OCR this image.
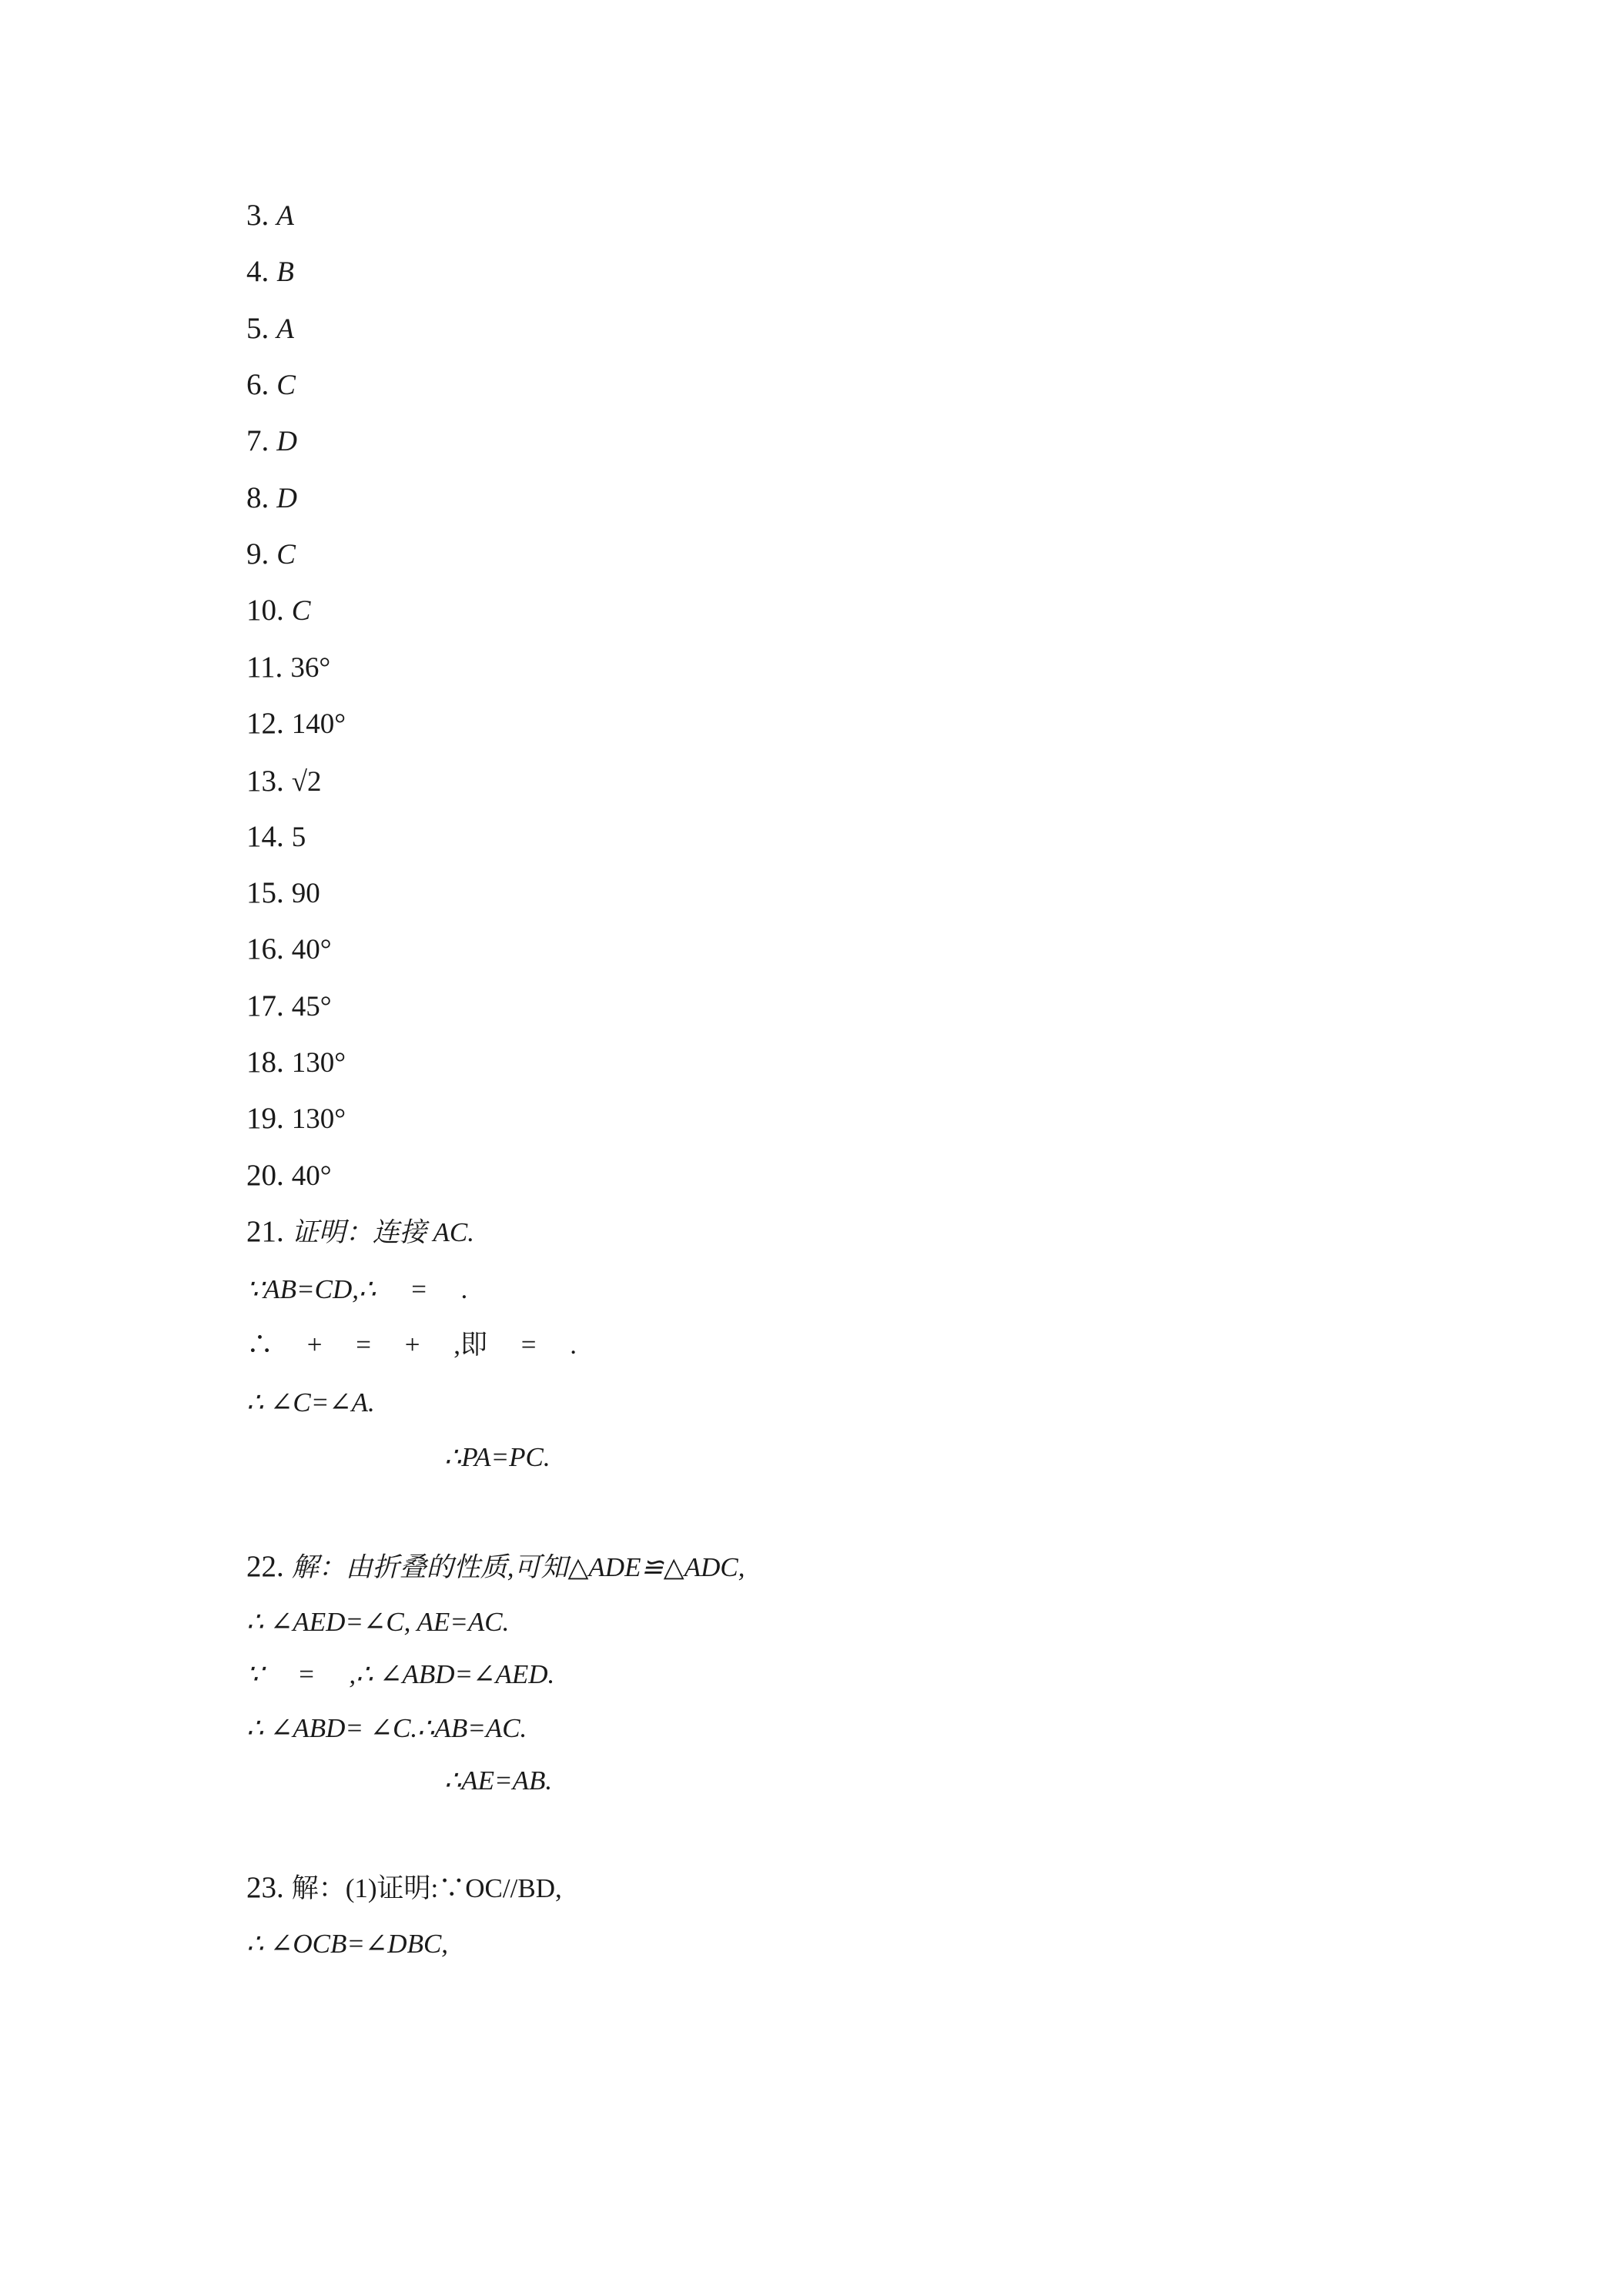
3. A
4. B
5. A
6. C
7. D
8. D
9. C
10. C
11. 36°
12. 140°
13. √2
14. 5
15. 90
16. 40°
17. 45°
18. 130°
19. 130°
20. 40°
21. 证明：连接 AC.
∵AB=CD,∴     =     .
∴     +     =     +     ,即     =     .
∴ ∠C=∠A.
∴PA=PC.
22. 解：由折叠的性质,可知△ADE≌△ADC,
∴ ∠AED=∠C, AE=AC.
∵     =     ,∴ ∠ABD=∠AED.
∴ ∠ABD= ∠C.∴AB=AC.
∴AE=AB.
23. 解：(1)证明:∵OC//BD,
∴ ∠OCB=∠DBC,
